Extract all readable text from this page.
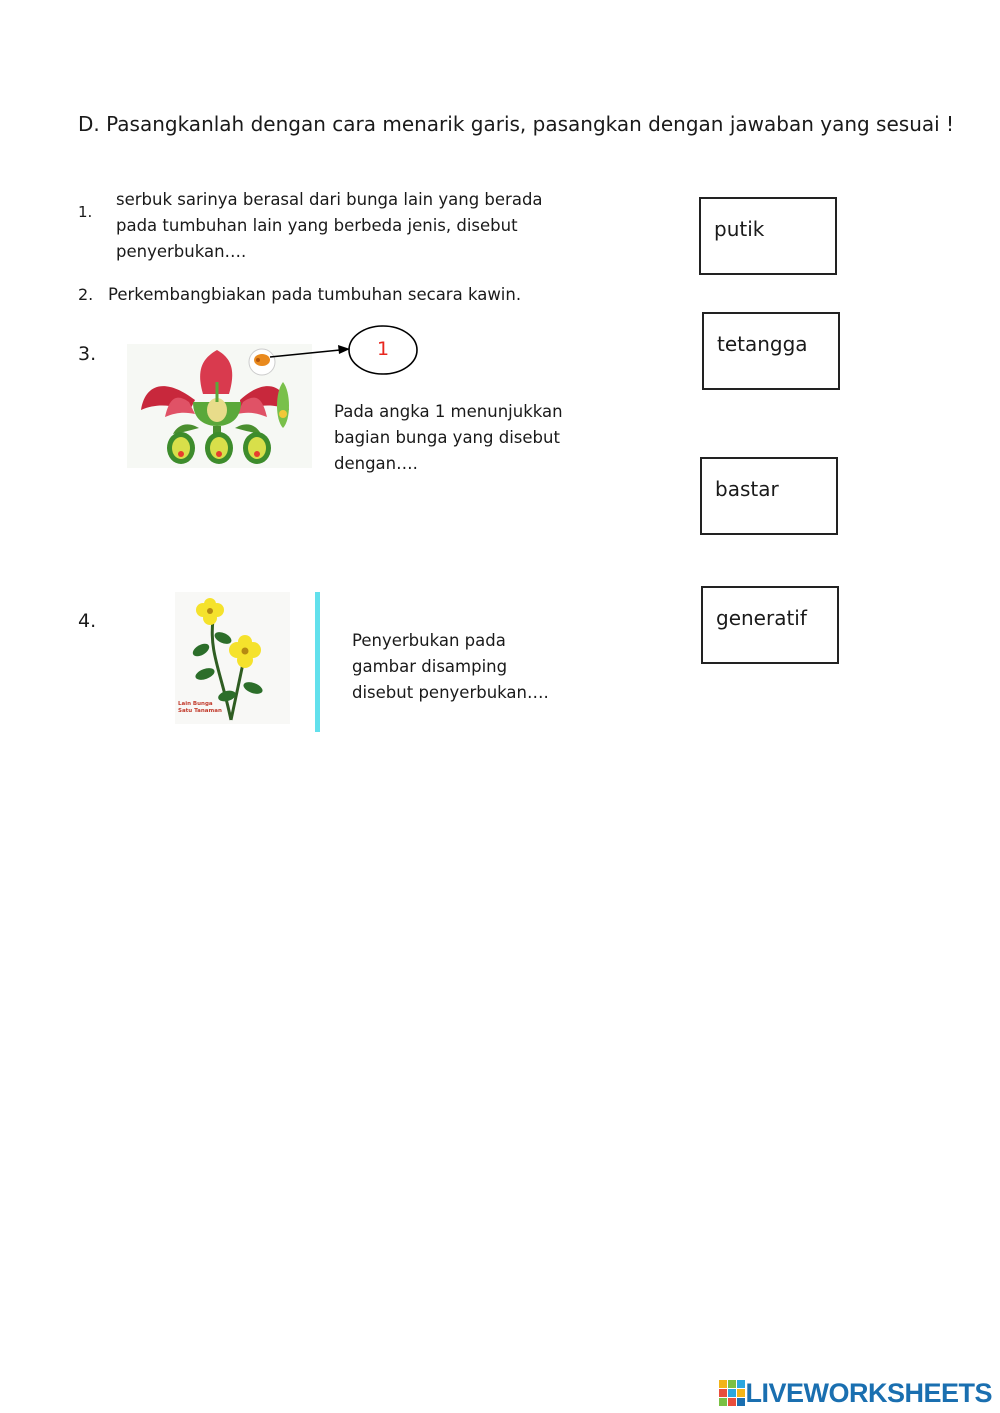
D. Pasangkanlah dengan cara menarik garis, pasangkan dengan jawaban yang sesuai !
1.
serbuk sarinya berasal dari bunga lain yang berada
pada tumbuhan lain yang berbeda jenis, disebut
penyerbukan….
2. Perkembangbiakan pada tumbuhan secara kawin.
3.	1
Pada angka 1 menunjukkan
bagian bunga yang disebut
dengan….
4.
Lain Bunga
Satu Tanaman
Penyerbukan pada
gambar disamping
disebut penyerbukan….
putik
tetangga
bastar
generatif
LIVEWORKSHEETS
